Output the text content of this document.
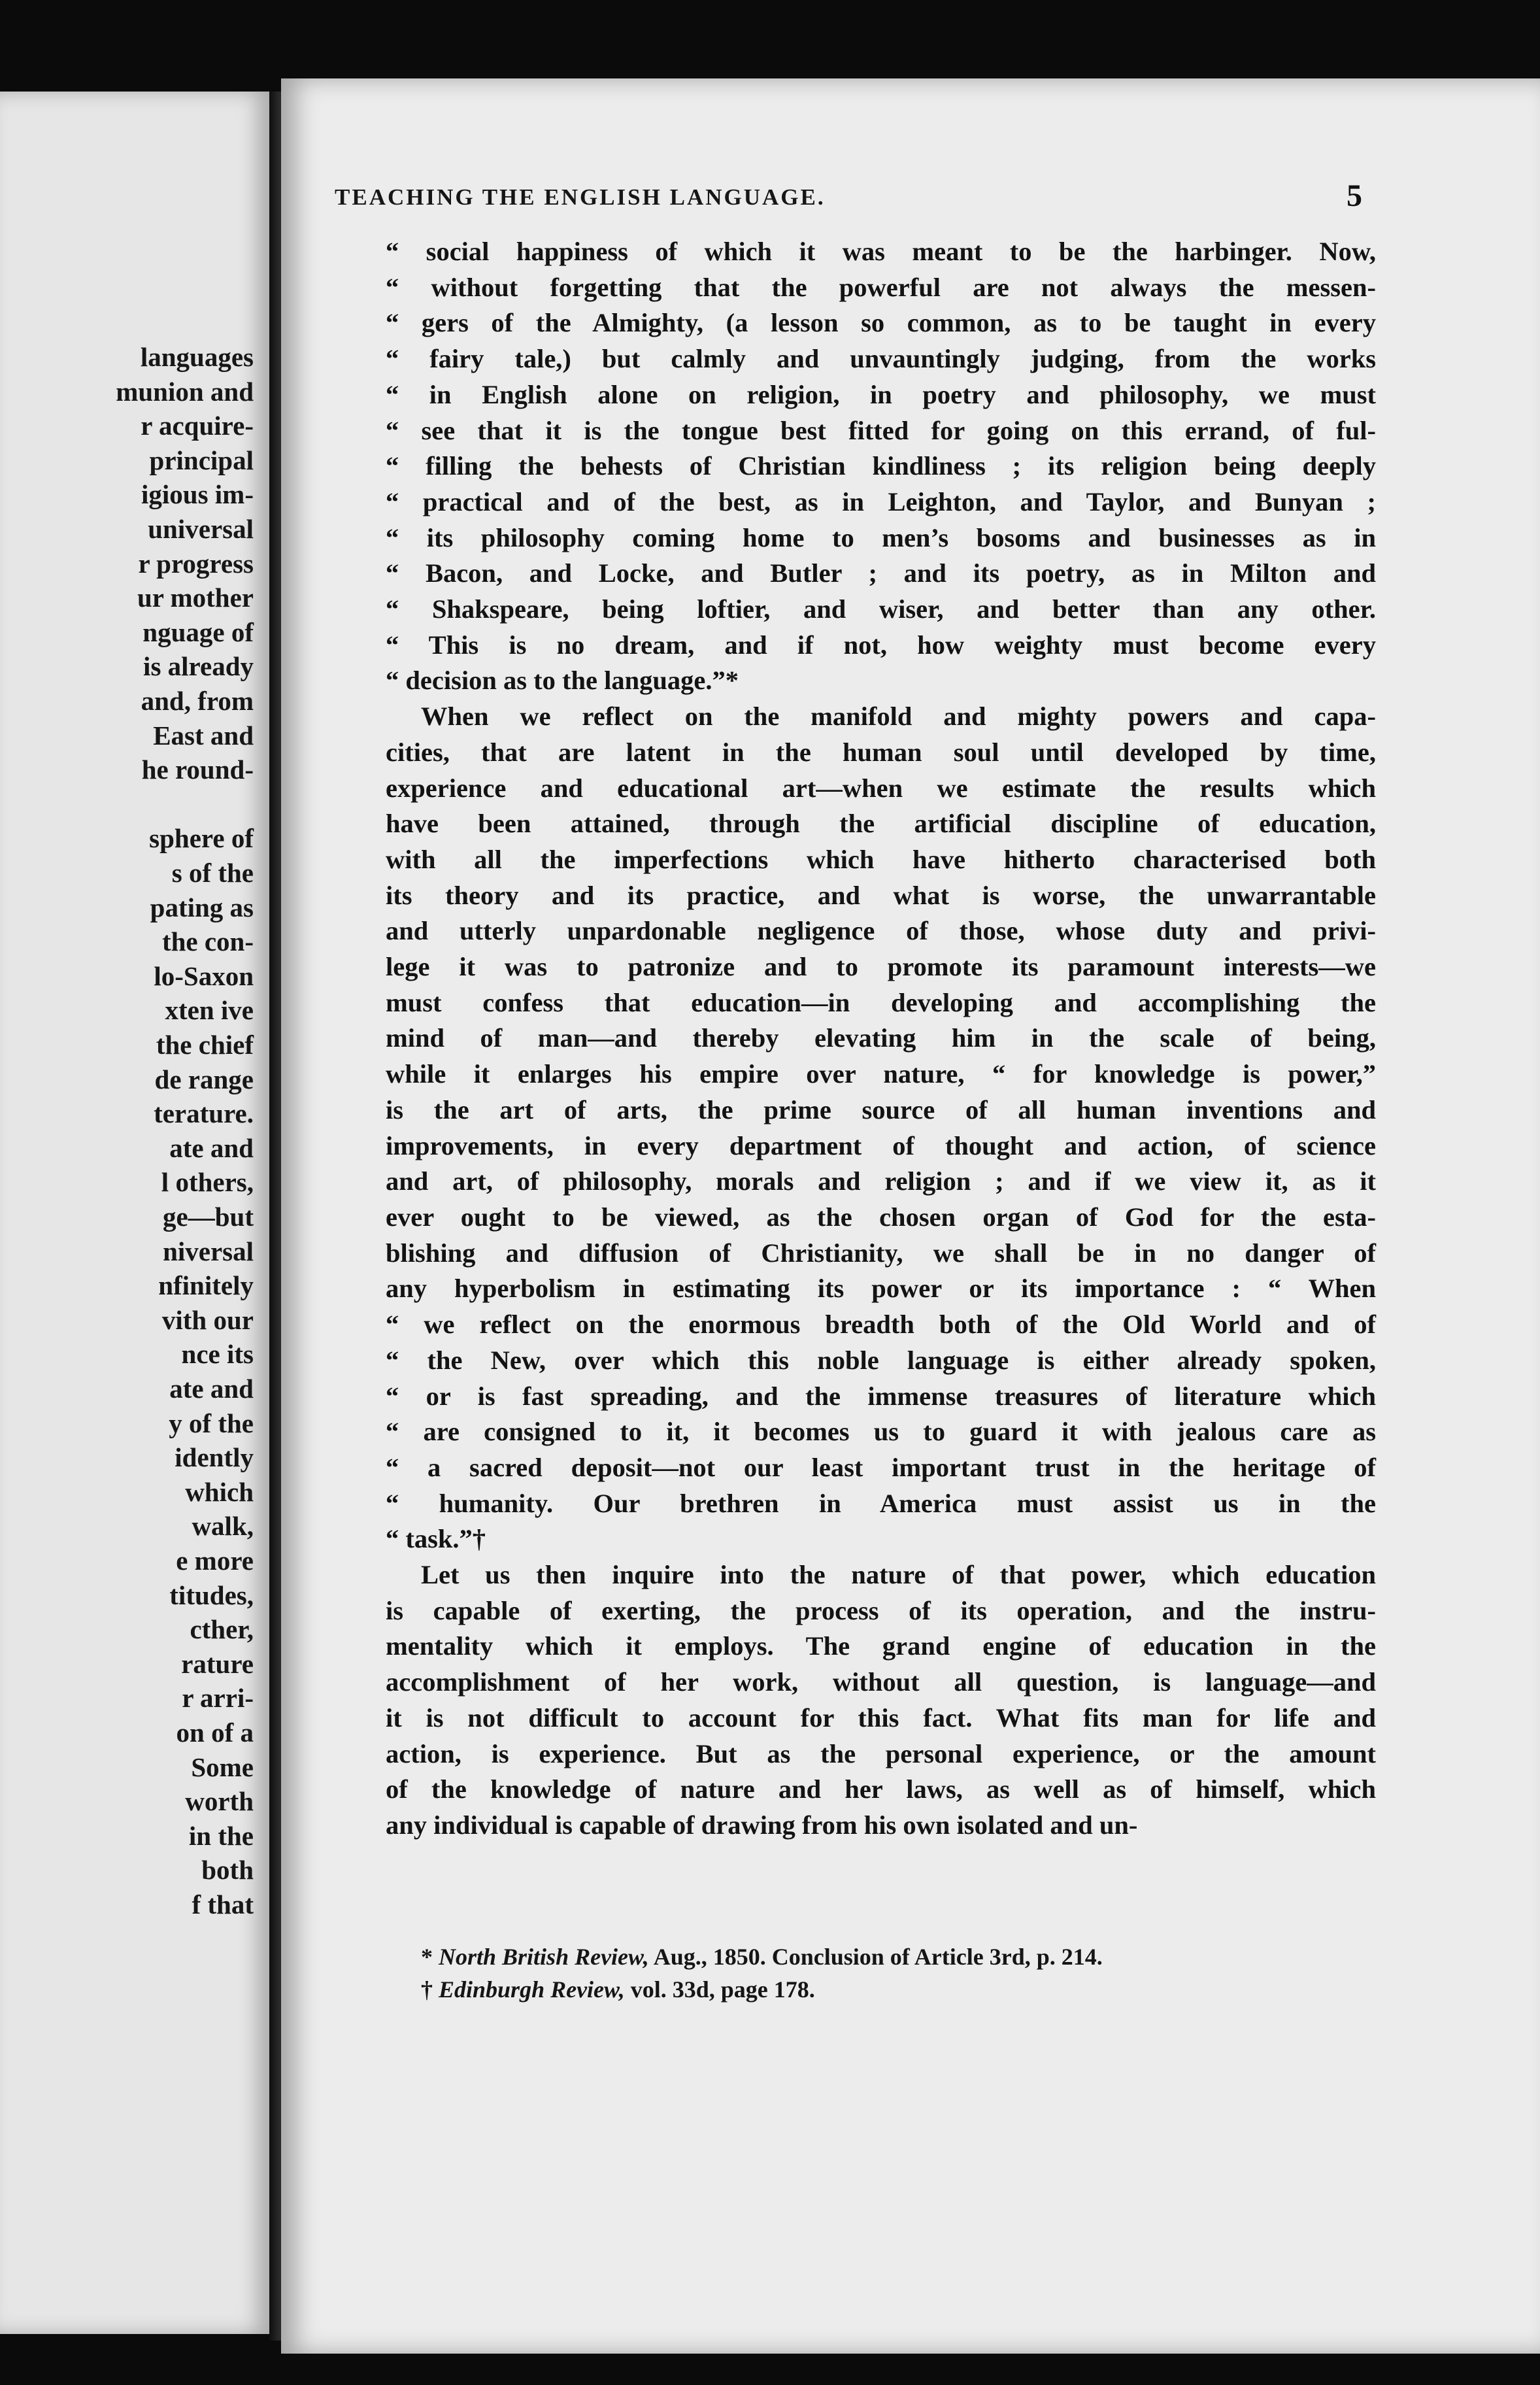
languages
munion and
r acquire-
principal
igious im-
universal
r progress
ur mother
nguage of
is already
and, from
East and
he round-
sphere of
s of the
pating as
the con-
lo-Saxon
xten ive
the chief
de range
terature.
ate and
l others,
ge—but
niversal
nfinitely
vith our
nce its
ate and
y of the
idently
which
walk,
e more
titudes,
cther,
rature
r arri-
on of a
Some
worth
in the
both
f that
TEACHING THE ENGLISH LANGUAGE.	5

“ social happiness of which it was meant to be the harbinger. Now,
“ without forgetting that the powerful are not always the messen-
“ gers of the Almighty, (a lesson so common, as to be taught in every
“ fairy tale,) but calmly and unvauntingly judging, from the works
“ in English alone on religion, in poetry and philosophy, we must
“ see that it is the tongue best fitted for going on this errand, of ful-
“ filling the behests of Christian kindliness ; its religion being deeply
“ practical and of the best, as in Leighton, and Taylor, and Bunyan ;
“ its philosophy coming home to men’s bosoms and businesses as in
“ Bacon, and Locke, and Butler ; and its poetry, as in Milton and
“ Shakspeare, being loftier, and wiser, and better than any other.
“ This is no dream, and if not, how weighty must become every
“ decision as to the language.”*

When we reflect on the manifold and mighty powers and capa-
cities, that are latent in the human soul until developed by time,
experience and educational art—when we estimate the results which
have been attained, through the artificial discipline of education,
with all the imperfections which have hitherto characterised both
its theory and its practice, and what is worse, the unwarrantable
and utterly unpardonable negligence of those, whose duty and privi-
lege it was to patronize and to promote its paramount interests—we
must confess that education—in developing and accomplishing the
mind of man—and thereby elevating him in the scale of being,
while it enlarges his empire over nature, “ for knowledge is power,”
is the art of arts, the prime source of all human inventions and
improvements, in every department of thought and action, of science
and art, of philosophy, morals and religion ; and if we view it, as it
ever ought to be viewed, as the chosen organ of God for the esta-
blishing and diffusion of Christianity, we shall be in no danger of
any hyperbolism in estimating its power or its importance : “ When
“ we reflect on the enormous breadth both of the Old World and of
“ the New, over which this noble language is either already spoken,
“ or is fast spreading, and the immense treasures of literature which
“ are consigned to it, it becomes us to guard it with jealous care as
“ a sacred deposit—not our least important trust in the heritage of
“ humanity. Our brethren in America must assist us in the
“ task.”†

Let us then inquire into the nature of that power, which education
is capable of exerting, the process of its operation, and the instru-
mentality which it employs. The grand engine of education in the
accomplishment of her work, without all question, is language—and
it is not difficult to account for this fact. What fits man for life and
action, is experience. But as the personal experience, or the amount
of the knowledge of nature and her laws, as well as of himself, which
any individual is capable of drawing from his own isolated and un-

* North British Review, Aug., 1850. Conclusion of Article 3rd, p. 214.
† Edinburgh Review, vol. 33d, page 178.
